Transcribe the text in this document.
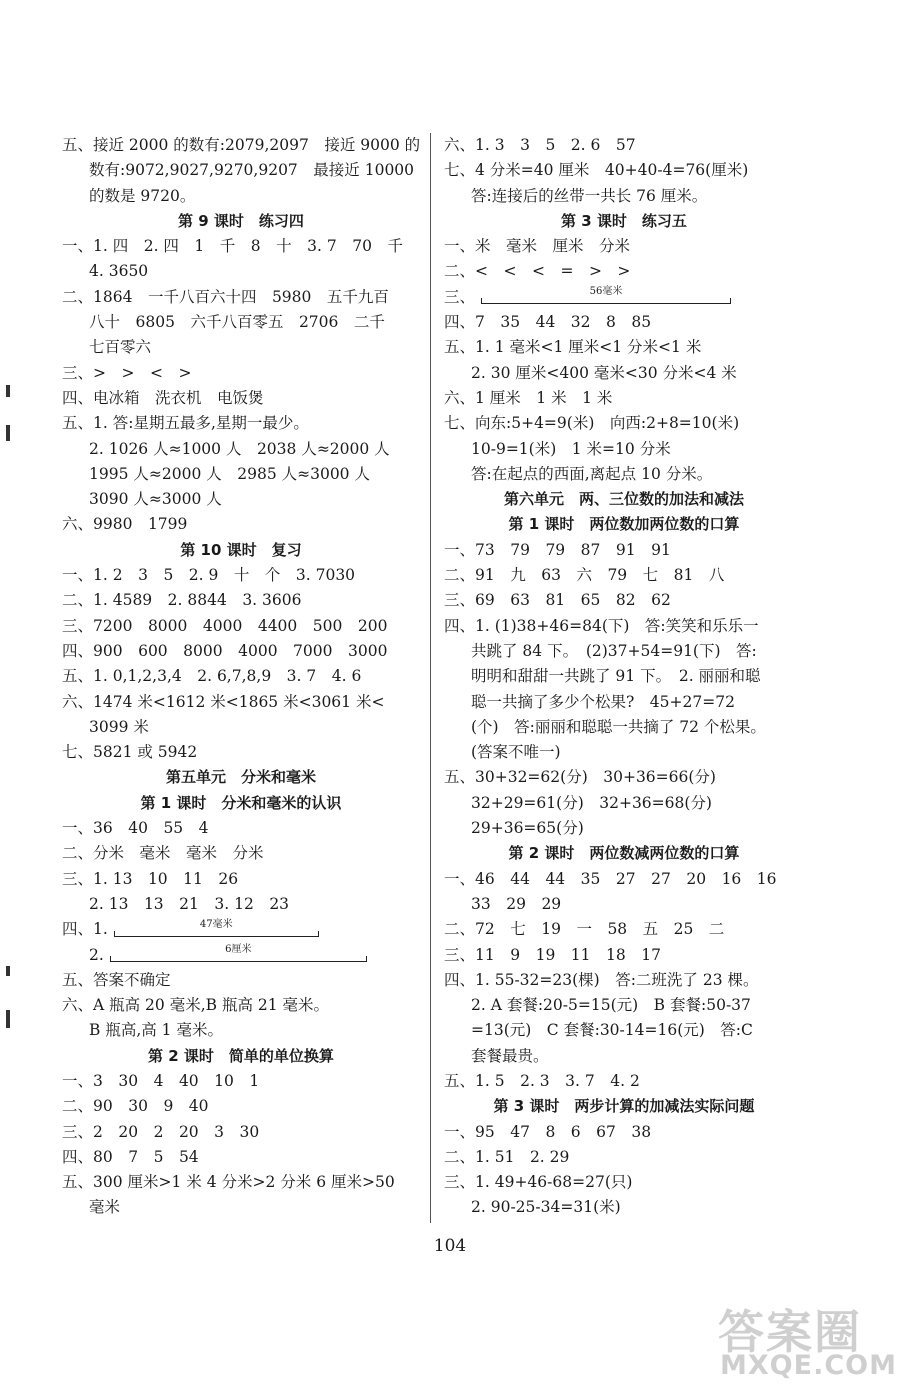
五、接近 2000 的数有:2079,2097　接近 9000 的
数有:9072,9027,9270,9207　最接近 10000
的数是 9720。
第 9 课时　练习四
一、1. 四　2. 四　1　千　8　十　3. 7　70　千
4. 3650
二、1864　一千八百六十四　5980　五千九百
八十　6805　六千八百零五　2706　二千
七百零六
三、>　>　<　>
四、电冰箱　洗衣机　电饭煲
五、1. 答:星期五最多,星期一最少。
2. 1026 人≈1000 人　2038 人≈2000 人
1995 人≈2000 人　2985 人≈3000 人
3090 人≈3000 人
六、9980　1799
第 10 课时　复习
一、1. 2　3　5　2. 9　十　个　3. 7030
二、1. 4589　2. 8844　3. 3606
三、7200　8000　4000　4400　500　200
四、900　600　8000　4000　7000　3000
五、1. 0,1,2,3,4　2. 6,7,8,9　3. 7　4. 6
六、1474 米<1612 米<1865 米<3061 米<
3099 米
七、5821 或 5942
第五单元　分米和毫米
第 1 课时　分米和毫米的认识
一、36　40　55　4
二、分米　毫米　毫米　分米
三、1. 13　10　11　26
2. 13　13　21　3. 12　23
四、1.	47毫米
2.	6厘米
五、答案不确定
六、A 瓶高 20 毫米,B 瓶高 21 毫米。
B 瓶高,高 1 毫米。
第 2 课时　简单的单位换算
一、3　30　4　40　10　1
二、90　30　9　40
三、2　20　2　20　3　30
四、80　7　5　54
五、300 厘米>1 米 4 分米>2 分米 6 厘米>50
毫米
六、1. 3　3　5　2. 6　57
七、4 分米=40 厘米　40+40-4=76(厘米)
答:连接后的丝带一共长 76 厘米。
第 3 课时　练习五
一、米　毫米　厘米　分米
二、<　<　<　=　>　>
三、	56毫米
四、7　35　44　32　8　85
五、1. 1 毫米<1 厘米<1 分米<1 米
2. 30 厘米<400 毫米<30 分米<4 米
六、1 厘米　1 米　1 米
七、向东:5+4=9(米)　向西:2+8=10(米)
10-9=1(米)　1 米=10 分米
答:在起点的西面,离起点 10 分米。
第六单元　两、三位数的加法和减法
第 1 课时　两位数加两位数的口算
一、73　79　79　87　91　91
二、91　九　63　六　79　七　81　八
三、69　63　81　65　82　62
四、1. (1)38+46=84(下)　答:笑笑和乐乐一
共跳了 84 下。　(2)37+54=91(下)　答:
明明和甜甜一共跳了 91 下。　2. 丽丽和聪
聪一共摘了多少个松果?　45+27=72
(个)　答:丽丽和聪聪一共摘了 72 个松果。
(答案不唯一)
五、30+32=62(分)　30+36=66(分)
32+29=61(分)　32+36=68(分)
29+36=65(分)
第 2 课时　两位数减两位数的口算
一、46　44　44　35　27　27　20　16　16
33　29　29
二、72　七　19　一　58　五　25　二
三、11　9　19　11　18　17
四、1. 55-32=23(棵)　答:二班洗了 23 棵。
2. A 套餐:20-5=15(元)　B 套餐:50-37
=13(元)　C 套餐:30-14=16(元)　答:C
套餐最贵。
五、1. 5　2. 3　3. 7　4. 2
第 3 课时　两步计算的加减法实际问题
一、95　47　8　6　67　38
二、1. 51　2. 29
三、1. 49+46-68=27(只)
2. 90-25-34=31(米)
104
答案圈
MXQE.COM
